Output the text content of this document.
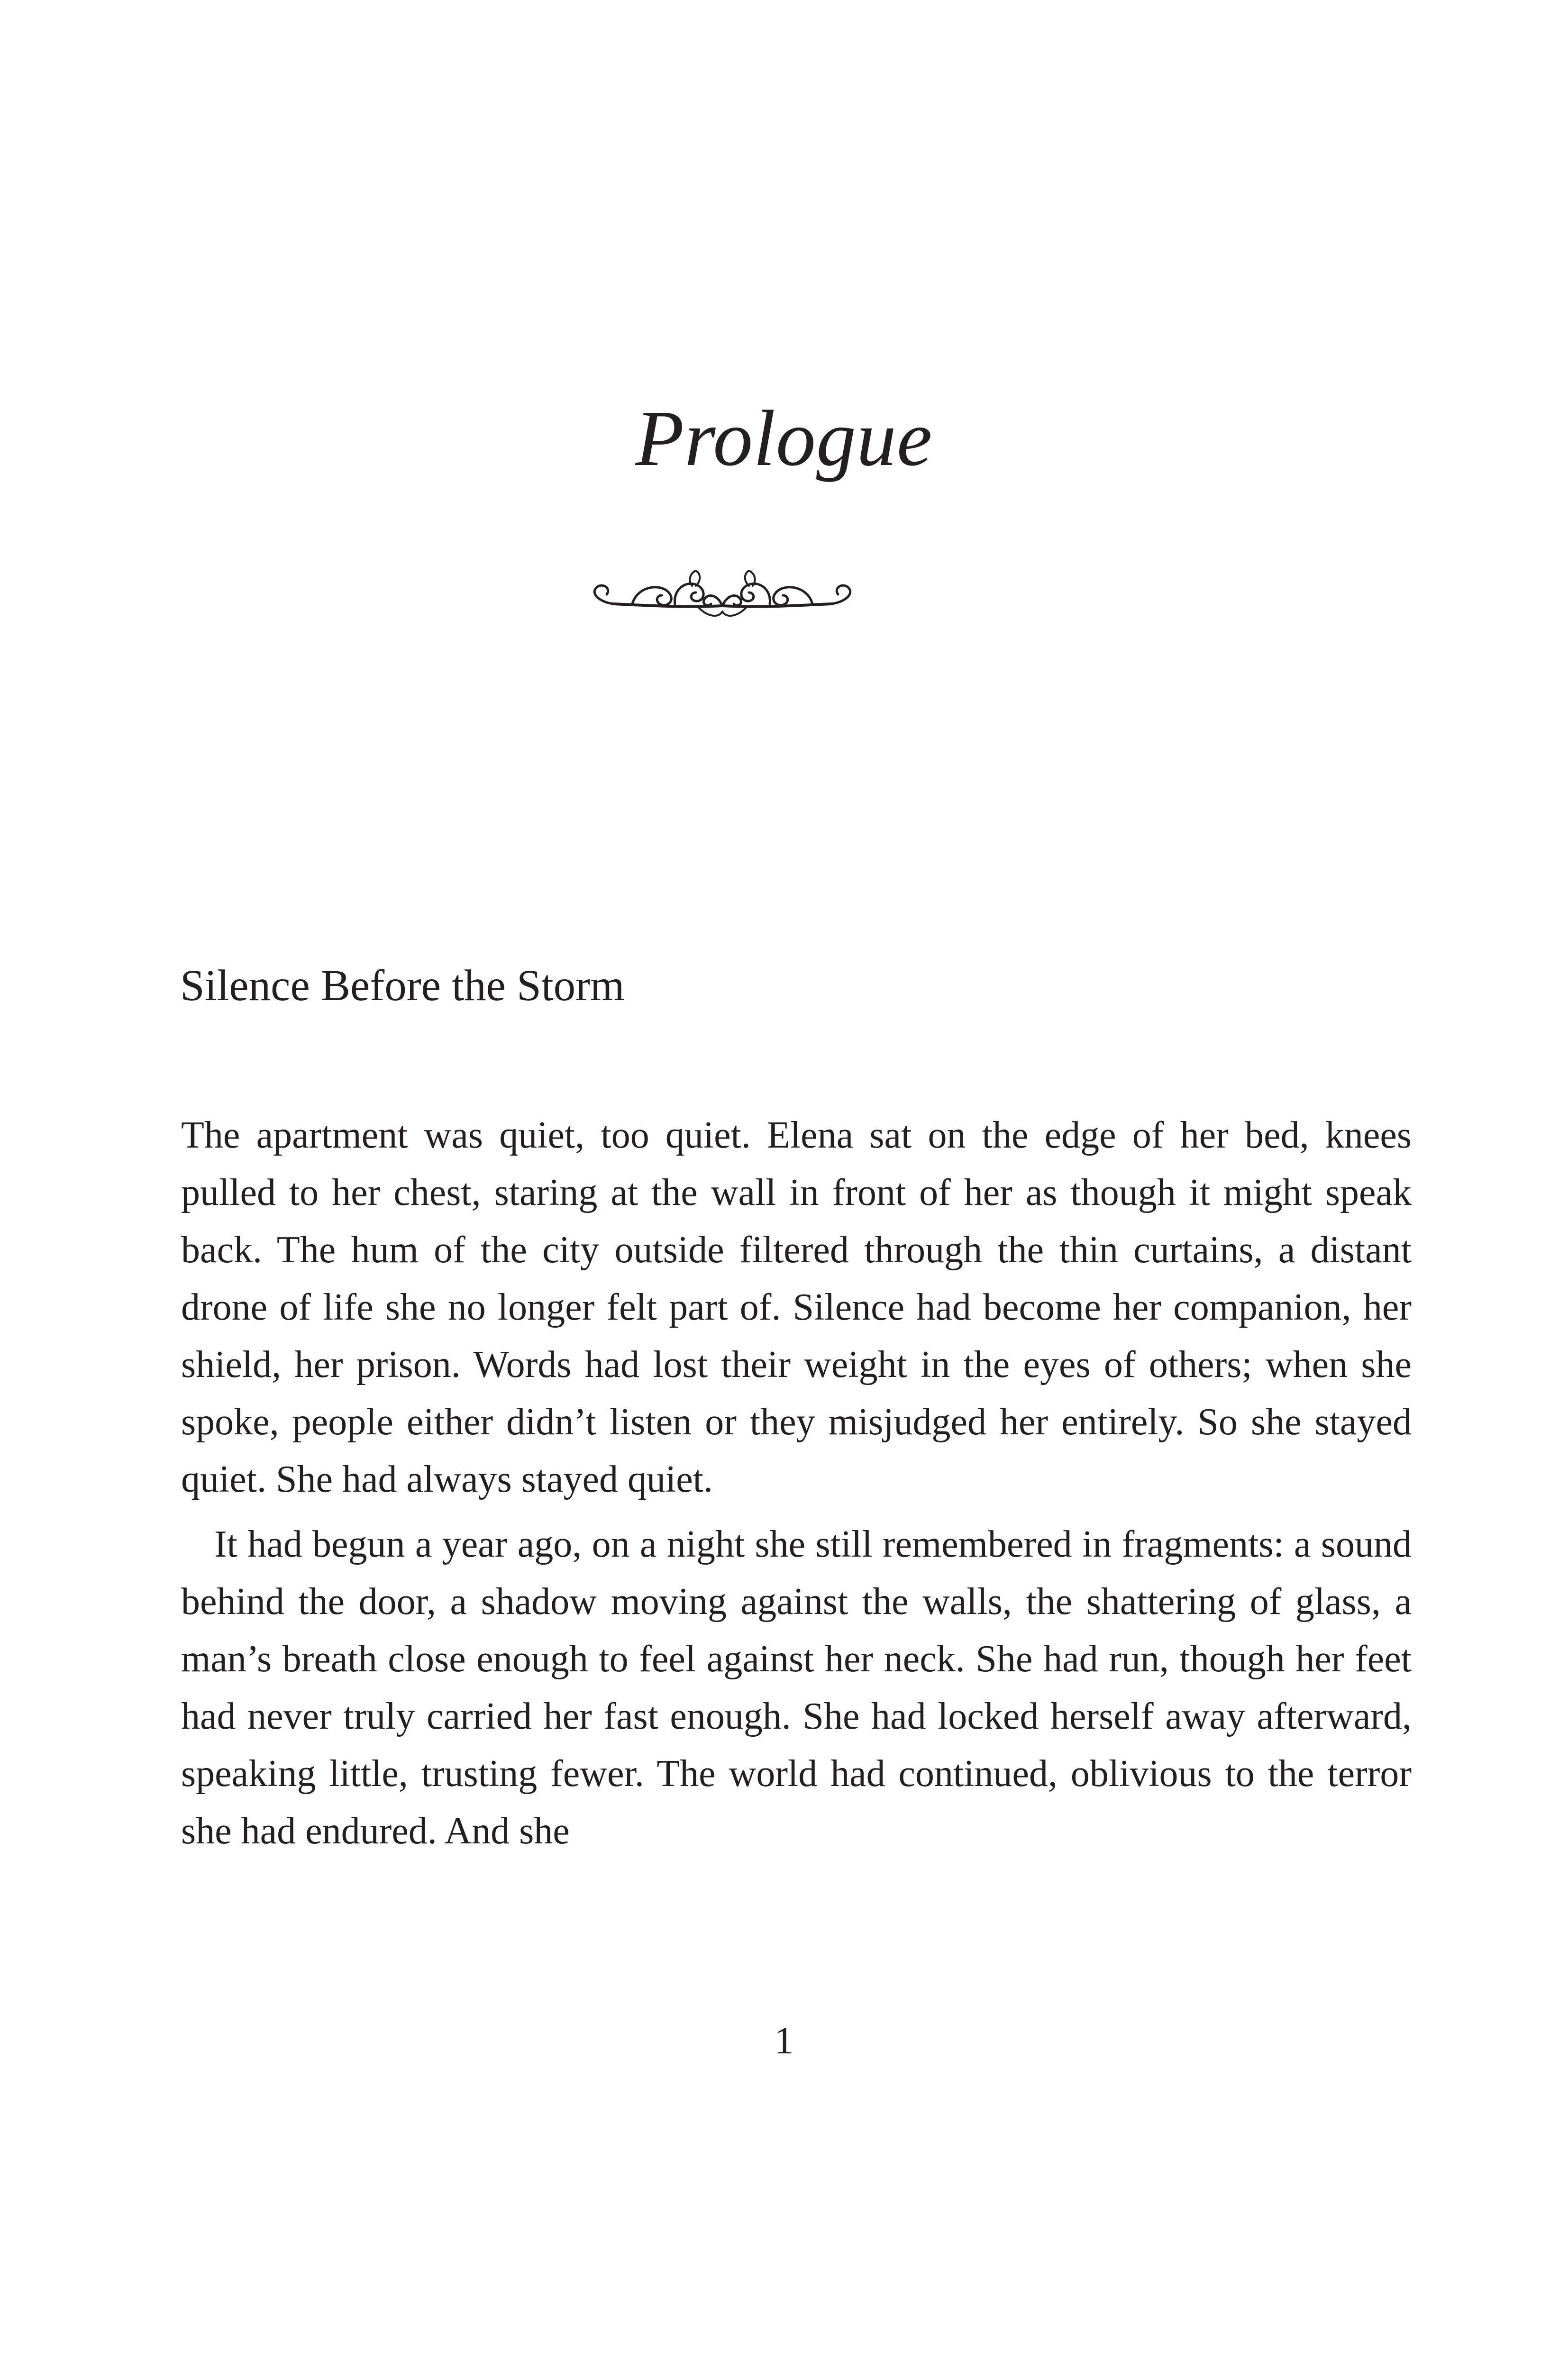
Prologue
Silence Before the Storm

The apartment was quiet, too quiet. Elena sat on the edge of her bed, knees pulled to her chest, staring at the wall in front of her as though it might speak back. The hum of the city outside filtered through the thin curtains, a distant drone of life she no longer felt part of. Silence had become her companion, her shield, her prison. Words had lost their weight in the eyes of others; when she spoke, people either didn’t listen or they misjudged her entirely. So she stayed quiet. She had always stayed quiet.

It had begun a year ago, on a night she still remembered in fragments: a sound behind the door, a shadow moving against the walls, the shattering of glass, a man’s breath close enough to feel against her neck. She had run, though her feet had never truly carried her fast enough. She had locked herself away afterward, speaking little, trusting fewer. The world had continued, oblivious to the terror she had endured. And she

1
